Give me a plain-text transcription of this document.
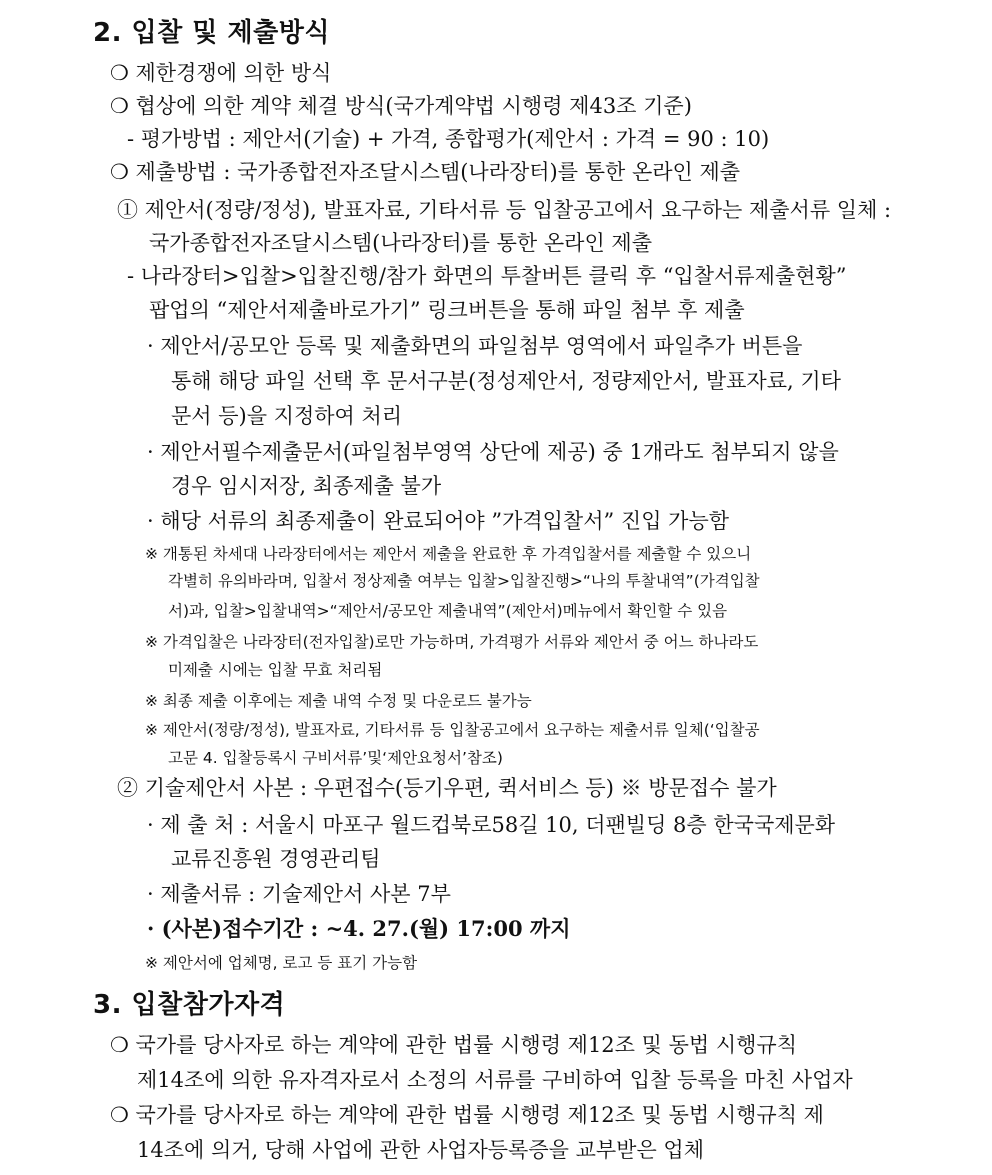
2. 입찰 및 제출방식
❍ 제한경쟁에 의한 방식
❍ 협상에 의한 계약 체결 방식(국가계약법 시행령 제43조 기준)
- 평가방법 : 제안서(기술) + 가격, 종합평가(제안서 : 가격 = 90 : 10)
❍ 제출방법 : 국가종합전자조달시스템(나라장터)를 통한 온라인 제출
① 제안서(정량/정성), 발표자료, 기타서류 등 입찰공고에서 요구하는 제출서류 일체 :
국가종합전자조달시스템(나라장터)를 통한 온라인 제출
- 나라장터>입찰>입찰진행/참가 화면의 투찰버튼 클릭 후 “입찰서류제출현황”
팝업의 “제안서제출바로가기” 링크버튼을 통해 파일 첨부 후 제출
· 제안서/공모안 등록 및 제출화면의 파일첨부 영역에서 파일추가 버튼을
통해 해당 파일 선택 후 문서구분(정성제안서, 정량제안서, 발표자료, 기타
문서 등)을 지정하여 처리
· 제안서필수제출문서(파일첨부영역 상단에 제공) 중 1개라도 첨부되지 않을
경우 임시저장, 최종제출 불가
· 해당 서류의 최종제출이 완료되어야 ”가격입찰서” 진입 가능함
※ 개통된 차세대 나라장터에서는 제안서 제출을 완료한 후 가격입찰서를 제출할 수 있으니
각별히 유의바라며, 입찰서 정상제출 여부는 입찰>입찰진행>“나의 투찰내역”(가격입찰
서)과, 입찰>입찰내역>“제안서/공모안 제출내역”(제안서)메뉴에서 확인할 수 있음
※ 가격입찰은 나라장터(전자입찰)로만 가능하며, 가격평가 서류와 제안서 중 어느 하나라도
미제출 시에는 입찰 무효 처리됨
※ 최종 제출 이후에는 제출 내역 수정 및 다운로드 불가능
※ 제안서(정량/정성), 발표자료, 기타서류 등 입찰공고에서 요구하는 제출서류 일체(‘입찰공
고문 4. 입찰등록시 구비서류’및‘제안요청서’참조)
② 기술제안서 사본 : 우편접수(등기우편, 퀵서비스 등) ※ 방문접수 불가
· 제 출 처 : 서울시 마포구 월드컵북로58길 10, 더팬빌딩 8층 한국국제문화
교류진흥원 경영관리팀
· 제출서류 : 기술제안서 사본 7부
· (사본)접수기간 : ~4. 27.(월) 17:00 까지
※ 제안서에 업체명, 로고 등 표기 가능함
3. 입찰참가자격
❍ 국가를 당사자로 하는 계약에 관한 법률 시행령 제12조 및 동법 시행규칙
제14조에 의한 유자격자로서 소정의 서류를 구비하여 입찰 등록을 마친 사업자
❍ 국가를 당사자로 하는 계약에 관한 법률 시행령 제12조 및 동법 시행규칙 제
14조에 의거, 당해 사업에 관한 사업자등록증을 교부받은 업체
